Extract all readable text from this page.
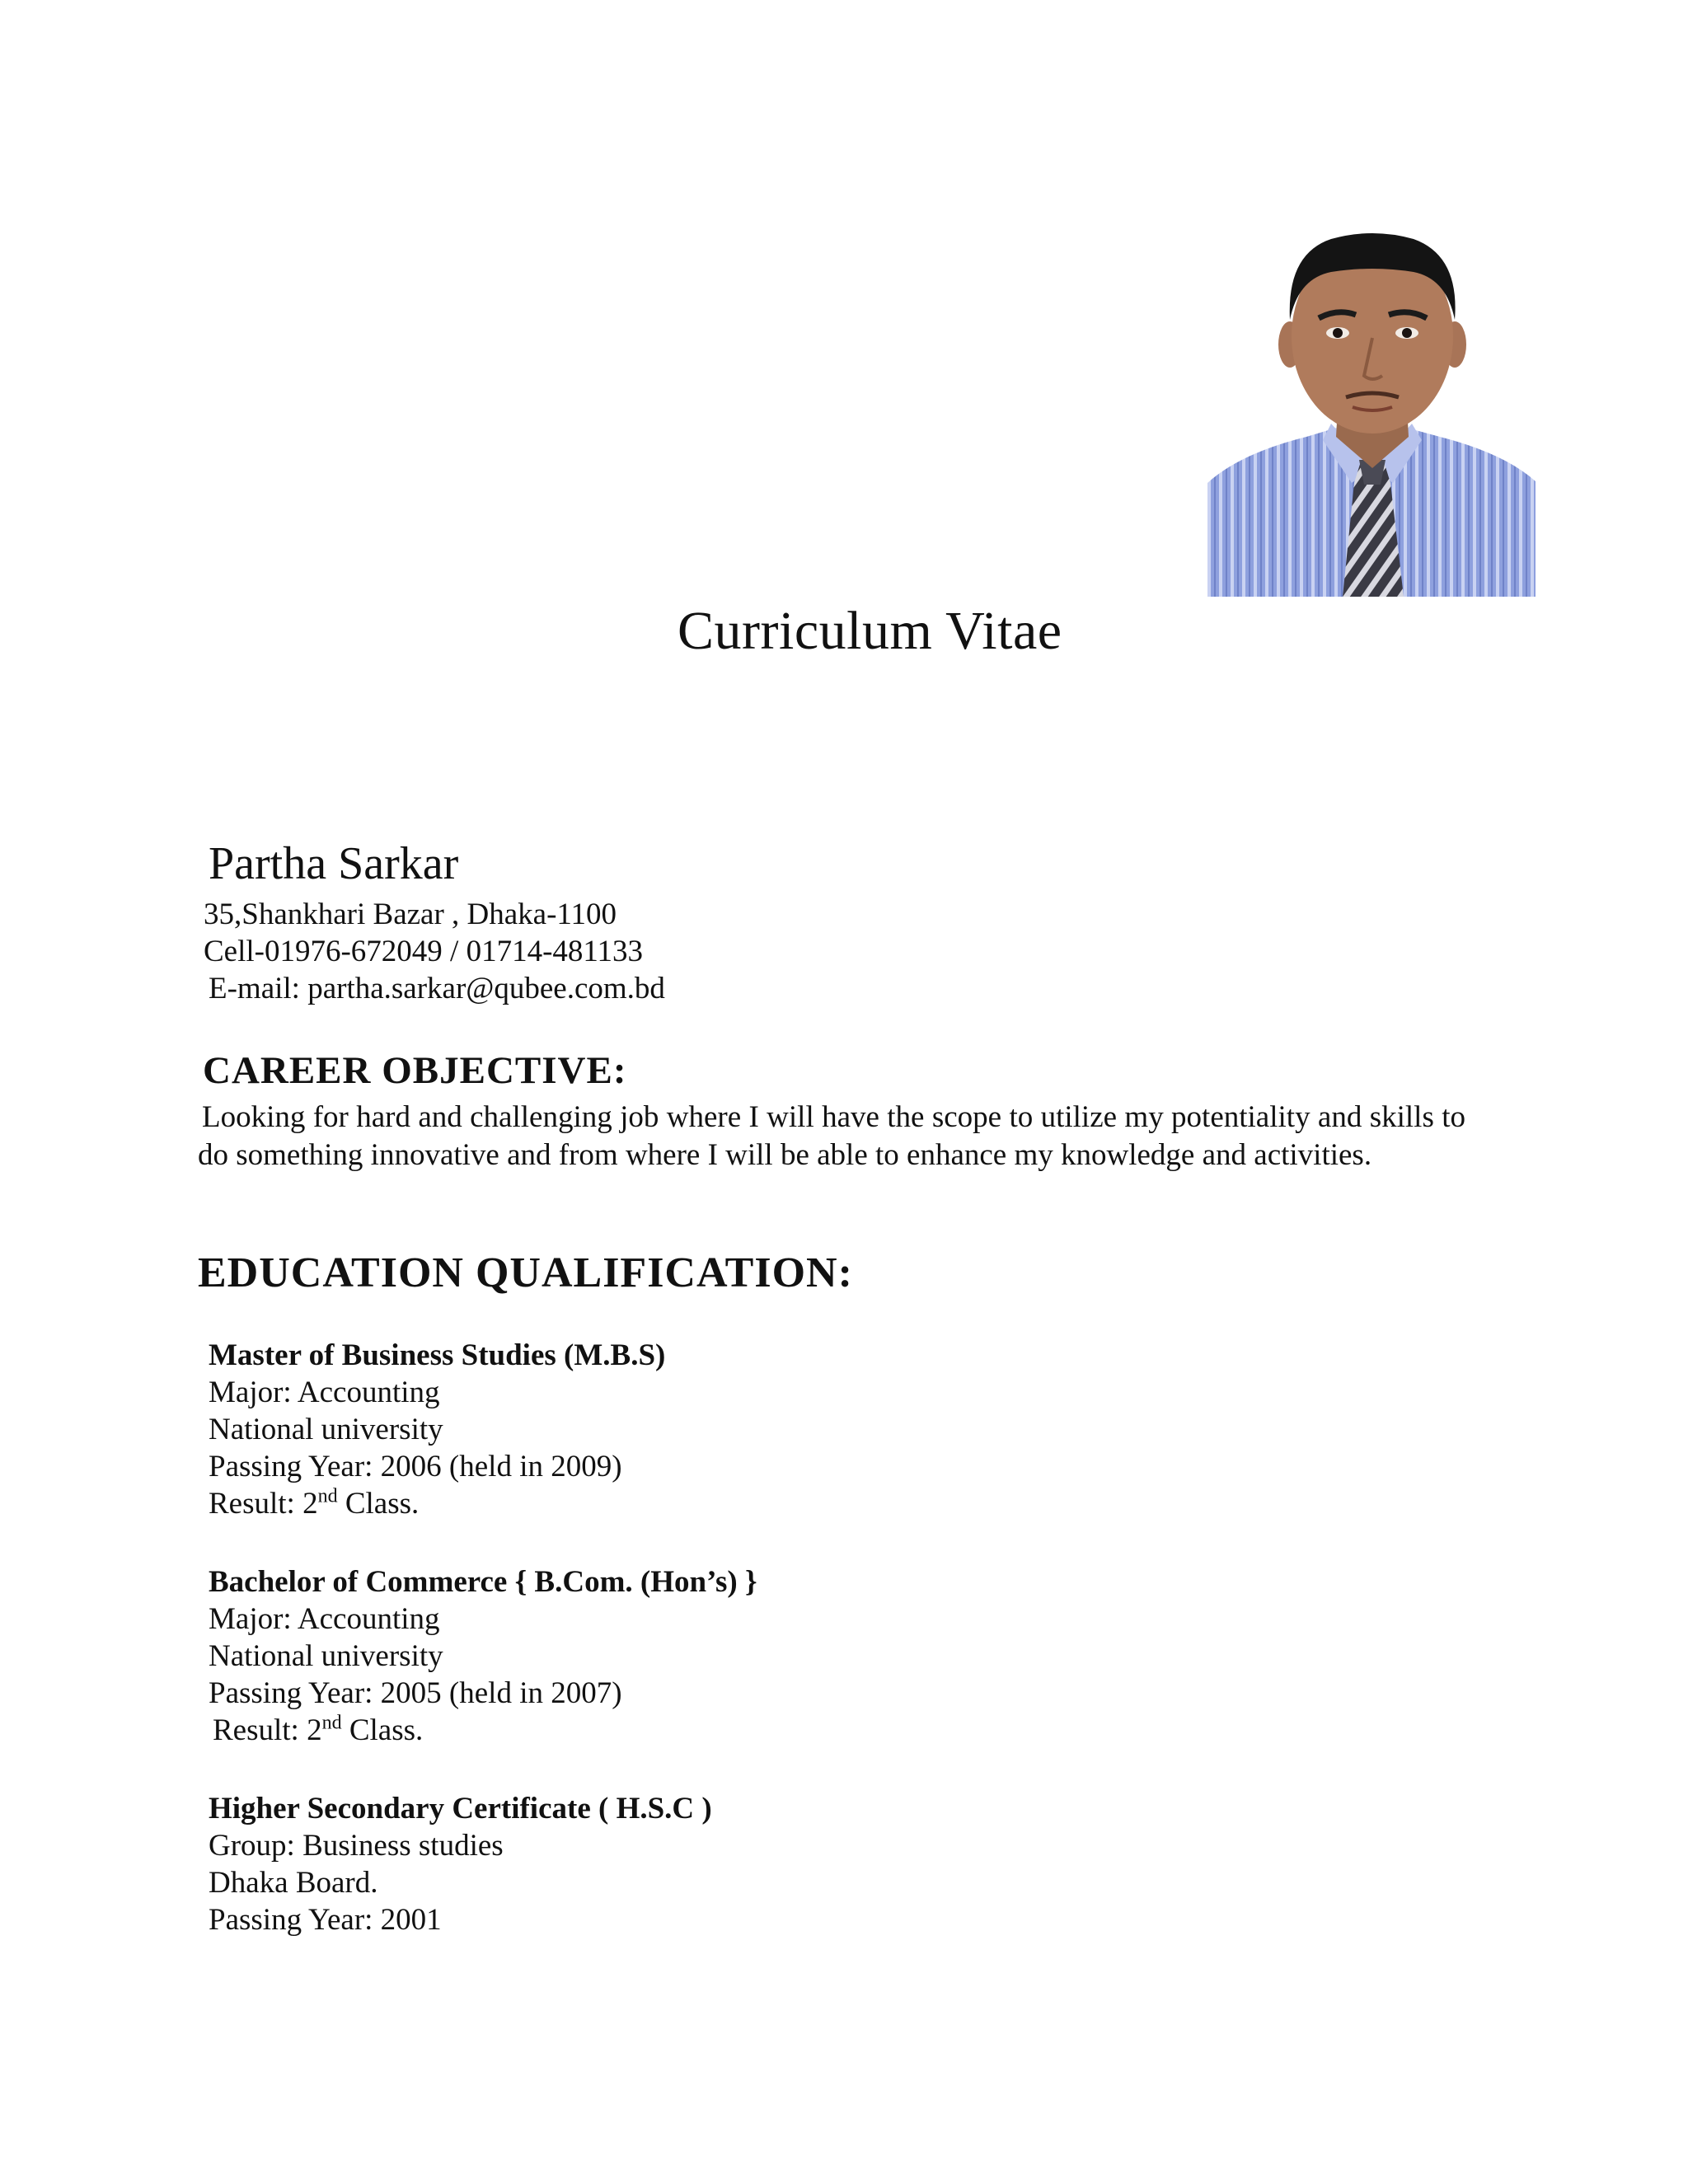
Curriculum Vitae
Partha Sarkar
35,Shankhari Bazar , Dhaka-1100
Cell-01976-672049 / 01714-481133
E-mail: partha.sarkar@qubee.com.bd
CAREER OBJECTIVE:
Looking for hard and challenging job where I will have the scope to utilize my potentiality and skills to do something innovative and from where I will be able to enhance my knowledge and activities.
EDUCATION QUALIFICATION:
Master of Business Studies (M.B.S)
Major: Accounting
National university
Passing Year: 2006 (held in 2009)
Result: 2nd Class.
Bachelor of Commerce { B.Com. (Hon’s) }
Major: Accounting
National university
Passing Year: 2005 (held in 2007)
Result: 2nd Class.
Higher Secondary Certificate ( H.S.C )
Group: Business studies
Dhaka Board.
Passing Year: 2001
